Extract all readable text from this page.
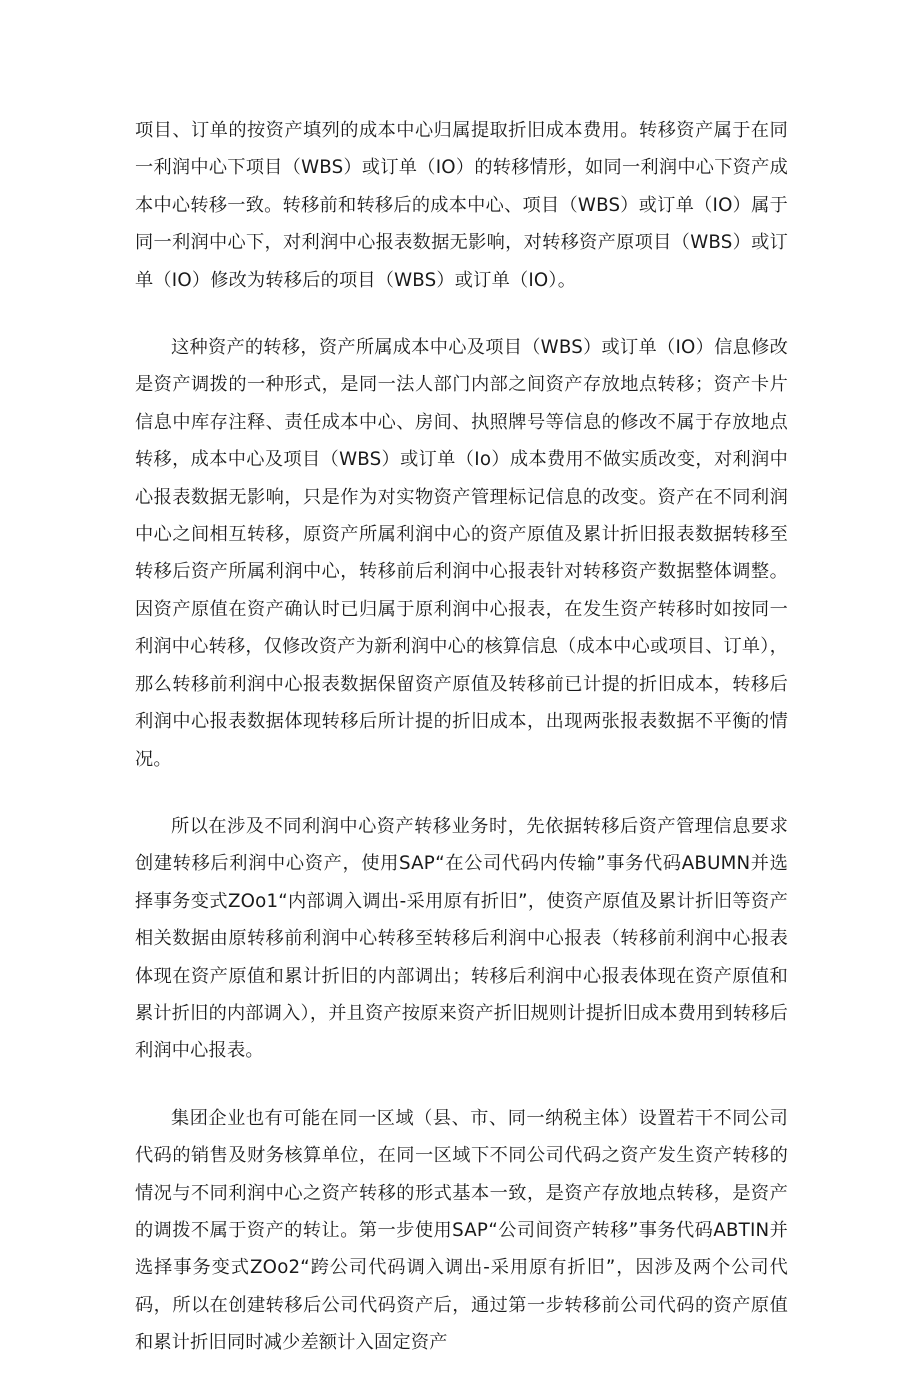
项目、订单的按资产填列的成本中心归属提取折旧成本费用。转移资产属于在同一利润中心下项目（WBS）或订单（IO）的转移情形，如同一利润中心下资产成本中心转移一致。转移前和转移后的成本中心、项目（WBS）或订单（IO）属于同一利润中心下，对利润中心报表数据无影响，对转移资产原项目（WBS）或订单（IO）修改为转移后的项目（WBS）或订单（IO）。

这种资产的转移，资产所属成本中心及项目（WBS）或订单（IO）信息修改是资产调拨的一种形式，是同一法人部门内部之间资产存放地点转移；资产卡片信息中库存注释、责任成本中心、房间、执照牌号等信息的修改不属于存放地点转移，成本中心及项目（WBS）或订单（Io）成本费用不做实质改变，对利润中心报表数据无影响，只是作为对实物资产管理标记信息的改变。资产在不同利润中心之间相互转移，原资产所属利润中心的资产原值及累计折旧报表数据转移至转移后资产所属利润中心，转移前后利润中心报表针对转移资产数据整体调整。因资产原值在资产确认时已归属于原利润中心报表，在发生资产转移时如按同一利润中心转移，仅修改资产为新利润中心的核算信息（成本中心或项目、订单），那么转移前利润中心报表数据保留资产原值及转移前已计提的折旧成本，转移后利润中心报表数据体现转移后所计提的折旧成本，出现两张报表数据不平衡的情况。

所以在涉及不同利润中心资产转移业务时，先依据转移后资产管理信息要求创建转移后利润中心资产，使用SAP“在公司代码内传输”事务代码ABUMN并选择事务变式ZOo1“内部调入调出-采用原有折旧”，使资产原值及累计折旧等资产相关数据由原转移前利润中心转移至转移后利润中心报表（转移前利润中心报表体现在资产原值和累计折旧的内部调出；转移后利润中心报表体现在资产原值和累计折旧的内部调入），并且资产按原来资产折旧规则计提折旧成本费用到转移后利润中心报表。

集团企业也有可能在同一区域（县、市、同一纳税主体）设置若干不同公司代码的销售及财务核算单位，在同一区域下不同公司代码之资产发生资产转移的情况与不同利润中心之资产转移的形式基本一致，是资产存放地点转移，是资产的调拨不属于资产的转让。第一步使用SAP“公司间资产转移”事务代码ABTIN并选择事务变式ZOo2“跨公司代码调入调出-采用原有折旧”，因涉及两个公司代码，所以在创建转移后公司代码资产后，通过第一步转移前公司代码的资产原值和累计折旧同时减少差额计入固定资产
